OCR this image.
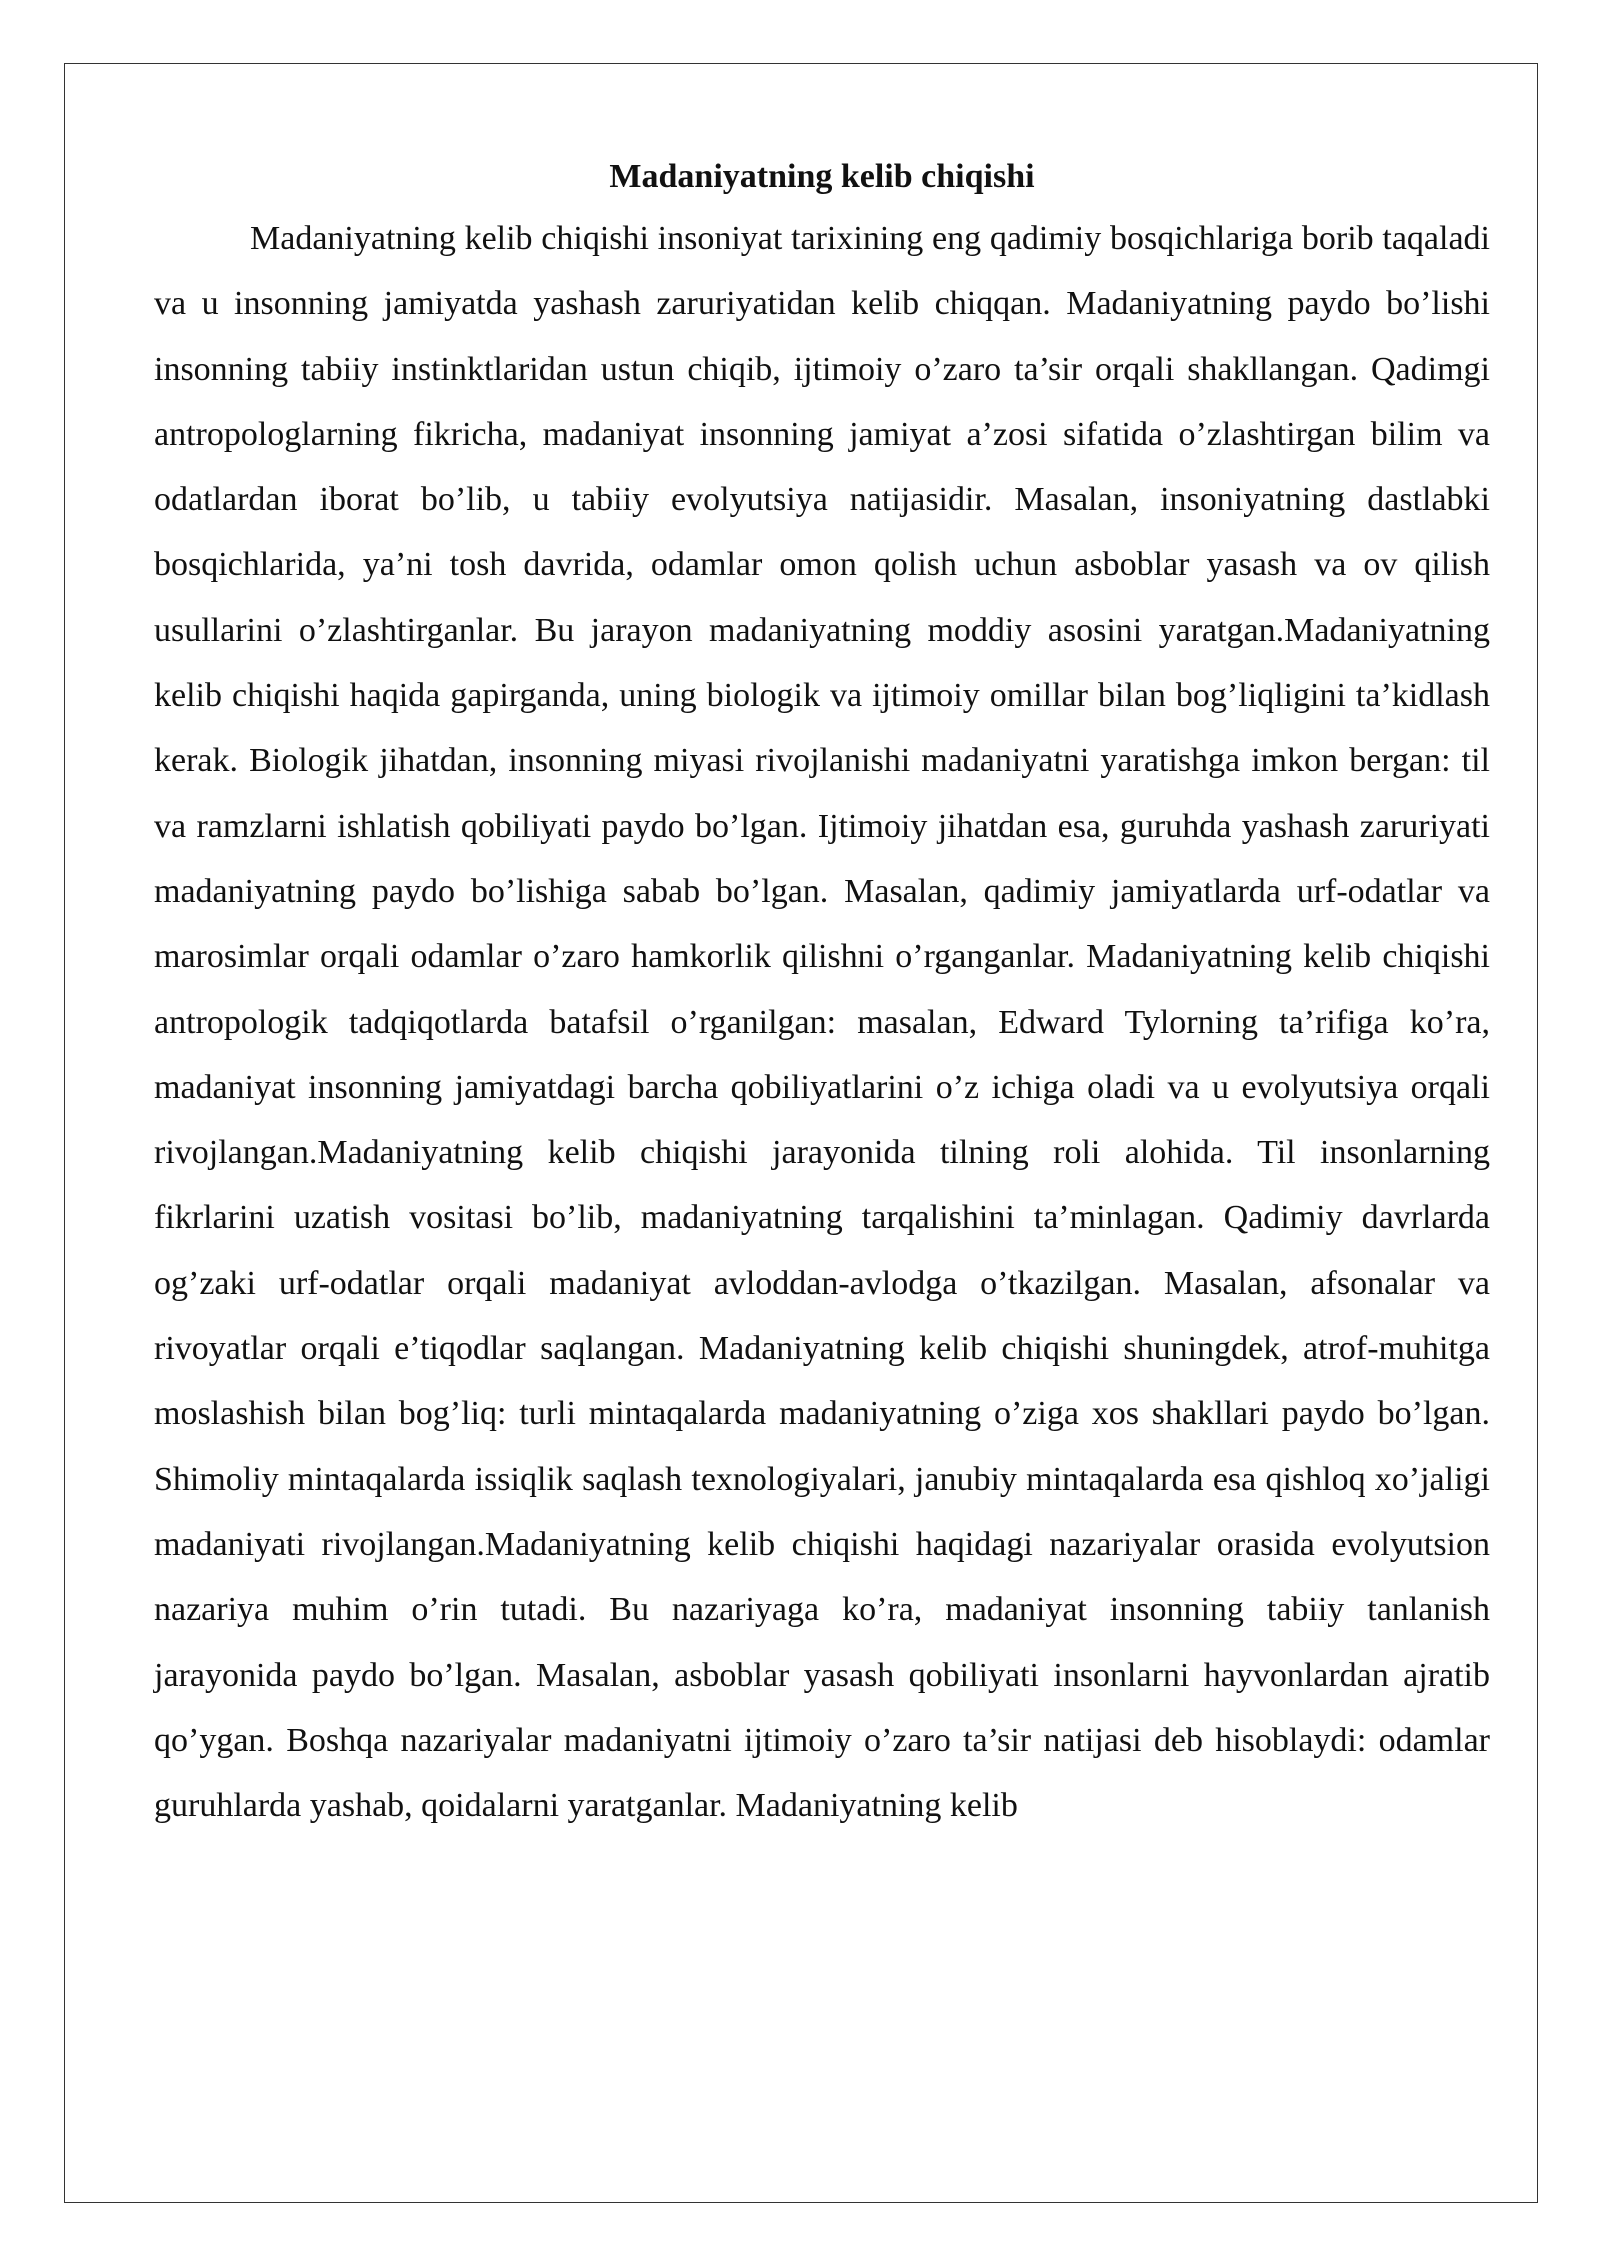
Madaniyatning kelib chiqishi

Madaniyatning kelib chiqishi insoniyat tarixining eng qadimiy bosqichlariga borib taqaladi va u insonning jamiyatda yashash zaruriyatidan kelib chiqqan. Madaniyatning paydo bo’lishi insonning tabiiy instinktlaridan ustun chiqib, ijtimoiy o’zaro ta’sir orqali shakllangan. Qadimgi antropologlarning fikricha, madaniyat insonning jamiyat a’zosi sifatida o’zlashtirgan bilim va odatlardan iborat bo’lib, u tabiiy evolyutsiya natijasidir. Masalan, insoniyatning dastlabki bosqichlarida, ya’ni tosh davrida, odamlar omon qolish uchun asboblar yasash va ov qilish usullarini o’zlashtirganlar. Bu jarayon madaniyatning moddiy asosini yaratgan.Madaniyatning kelib chiqishi haqida gapirganda, uning biologik va ijtimoiy omillar bilan bog’liqligini ta’kidlash kerak. Biologik jihatdan, insonning miyasi rivojlanishi madaniyatni yaratishga imkon bergan: til va ramzlarni ishlatish qobiliyati paydo bo’lgan. Ijtimoiy jihatdan esa, guruhda yashash zaruriyati madaniyatning paydo bo’lishiga sabab bo’lgan. Masalan, qadimiy jamiyatlarda urf-odatlar va marosimlar orqali odamlar o’zaro hamkorlik qilishni o’rganganlar. Madaniyatning kelib chiqishi antropologik tadqiqotlarda batafsil o’rganilgan: masalan, Edward Tylorning ta’rifiga ko’ra, madaniyat insonning jamiyatdagi barcha qobiliyatlarini o’z ichiga oladi va u evolyutsiya orqali rivojlangan.Madaniyatning kelib chiqishi jarayonida tilning roli alohida. Til insonlarning fikrlarini uzatish vositasi bo’lib, madaniyatning tarqalishini ta’minlagan. Qadimiy davrlarda og’zaki urf-odatlar orqali madaniyat avloddan-avlodga o’tkazilgan. Masalan, afsonalar va rivoyatlar orqali e’tiqodlar saqlangan. Madaniyatning kelib chiqishi shuningdek, atrof-muhitga moslashish bilan bog’liq: turli mintaqalarda madaniyatning o’ziga xos shakllari paydo bo’lgan. Shimoliy mintaqalarda issiqlik saqlash texnologiyalari, janubiy mintaqalarda esa qishloq xo’jaligi madaniyati rivojlangan.Madaniyatning kelib chiqishi haqidagi nazariyalar orasida evolyutsion nazariya muhim o’rin tutadi. Bu nazariyaga ko’ra, madaniyat insonning tabiiy tanlanish jarayonida paydo bo’lgan. Masalan, asboblar yasash qobiliyati insonlarni hayvonlardan ajratib qo’ygan. Boshqa nazariyalar madaniyatni ijtimoiy o’zaro ta’sir natijasi deb hisoblaydi: odamlar guruhlarda yashab, qoidalarni yaratganlar. Madaniyatning kelib
